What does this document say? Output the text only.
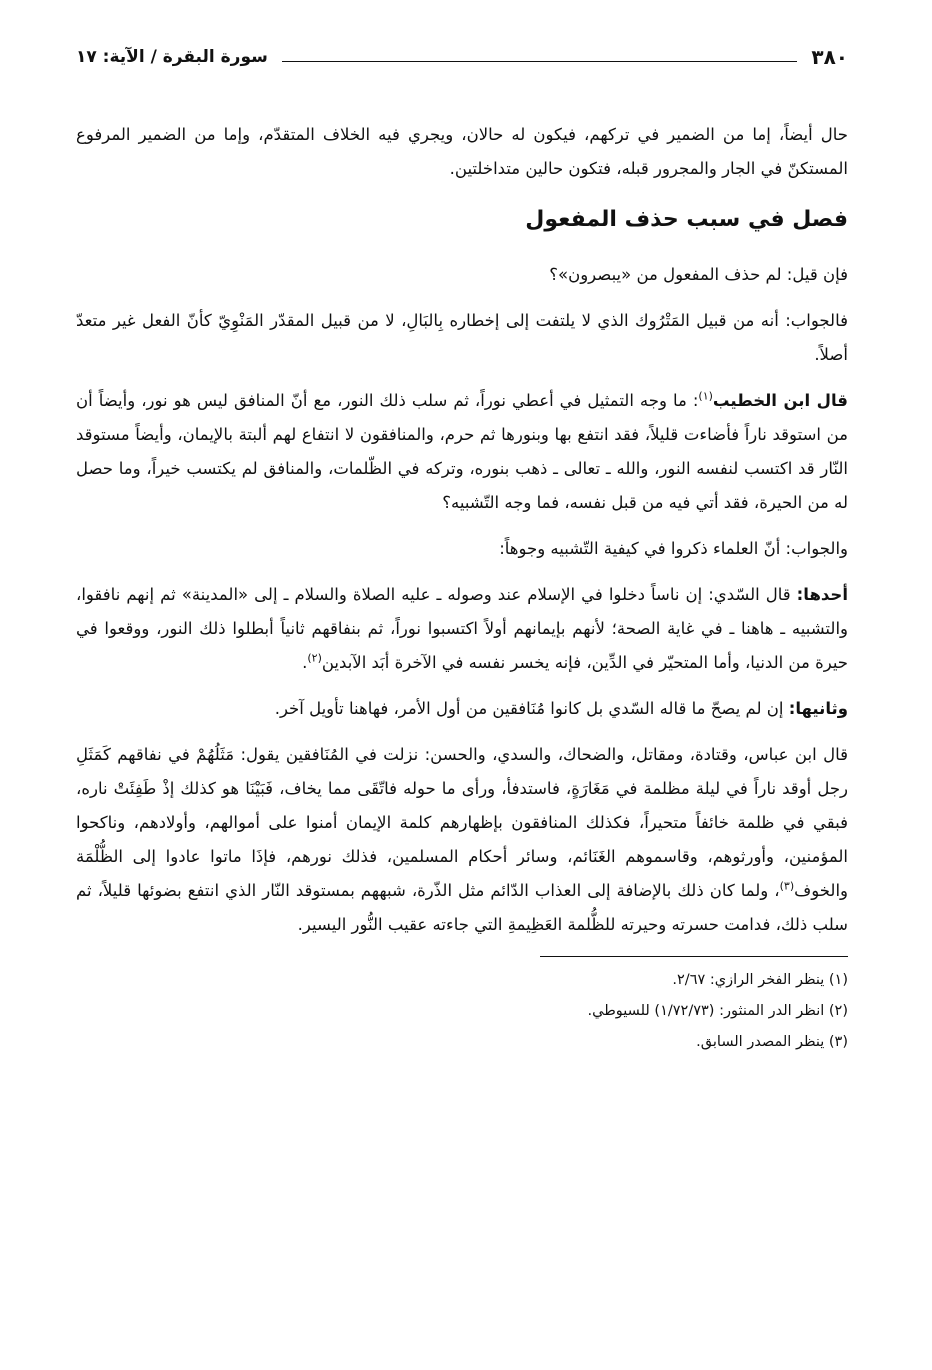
٣٨٠
سورة البقرة / الآية: ١٧

حال أيضاً، إما من الضمير في تركهم، فيكون له حالان، ويجري فيه الخلاف المتقدّم، وإما من الضمير المرفوع المستكنّ في الجار والمجرور قبله، فتكون حالين متداخلتين.

فصل في سبب حذف المفعول

فإن قيل: لم حذف المفعول من «يبصرون»؟

فالجواب: أنه من قبيل المَتْرُوك الذي لا يلتفت إلى إخطاره بِالبَالِ، لا من قبيل المقدّر المَنْوِيّ كأنّ الفعل غير متعدّ أصلاً.

قال ابن الخطيب$^{(١)}$: ما وجه التمثيل في أعطي نوراً، ثم سلب ذلك النور، مع أنّ المنافق ليس هو نور، وأيضاً أن من استوقد ناراً فأضاءت قليلاً، فقد انتفع بها وبنورها ثم حرم، والمنافقون لا انتفاع لهم ألبتة بالإيمان، وأيضاً مستوقد النّار قد اكتسب لنفسه النور، والله ـ تعالى ـ ذهب بنوره، وتركه في الظّلمات، والمنافق لم يكتسب خيراً، وما حصل له من الحيرة، فقد أتي فيه من قبل نفسه، فما وجه التّشبيه؟

والجواب: أنّ العلماء ذكروا في كيفية التّشبيه وجوهاً:

أحدها: قال السّدي: إن ناساً دخلوا في الإسلام عند وصوله ـ عليه الصلاة والسلام ـ إلى «المدينة» ثم إنهم نافقوا، والتشبيه ـ هاهنا ـ في غاية الصحة؛ لأنهم بإيمانهم أولاً اكتسبوا نوراً، ثم بنفاقهم ثانياً أبطلوا ذلك النور، ووقعوا في حيرة من الدنيا، وأما المتحيّر في الدِّين، فإنه يخسر نفسه في الآخرة أبَد الآبدين$^{(٢)}$.

وثانيها: إن لم يصحّ ما قاله السّدي بل كانوا مُنَافقين من أول الأمر، فهاهنا تأويل آخر.

قال ابن عباس، وقتادة، ومقاتل، والضحاك، والسدي، والحسن: نزلت في المُنَافقين يقول: مَثَلُهُمْ في نفاقهم كَمَثَلِ رجل أوقد ناراً في ليلة مظلمة في مَغَارَةٍ، فاستدفأ، ورأى ما حوله فاتّقَى مما يخاف، فَبَيْنَا هو كذلك إذْ طَفِئَتْ ناره، فبقي في ظلمة خائفاً متحيراً، فكذلك المنافقون بإظهارهم كلمة الإيمان أمنوا على أموالهم، وأولادهم، وناكحوا المؤمنين، وأورثوهم، وقاسموهم الغَنَائم، وسائر أحكام المسلمين، فذلك نورهم، فإذَا ماتوا عادوا إلى الظُّلْمَة والخوف$^{(٣)}$، ولما كان ذلك بالإضافة إلى العذاب الدّائم مثل الذّرة، شبههم بمستوقد النّار الذي انتفع بضوئها قليلاً، ثم سلب ذلك، فدامت حسرته وحيرته للظُّلمة العَظِيمةِ التي جاءته عقيب النُّور اليسير.

(١) ينظر الفخر الرازي: ٢/٦٧.
(٢) انظر الدر المنثور: (١/٧٢/٧٣) للسيوطي.
(٣) ينظر المصدر السابق.
